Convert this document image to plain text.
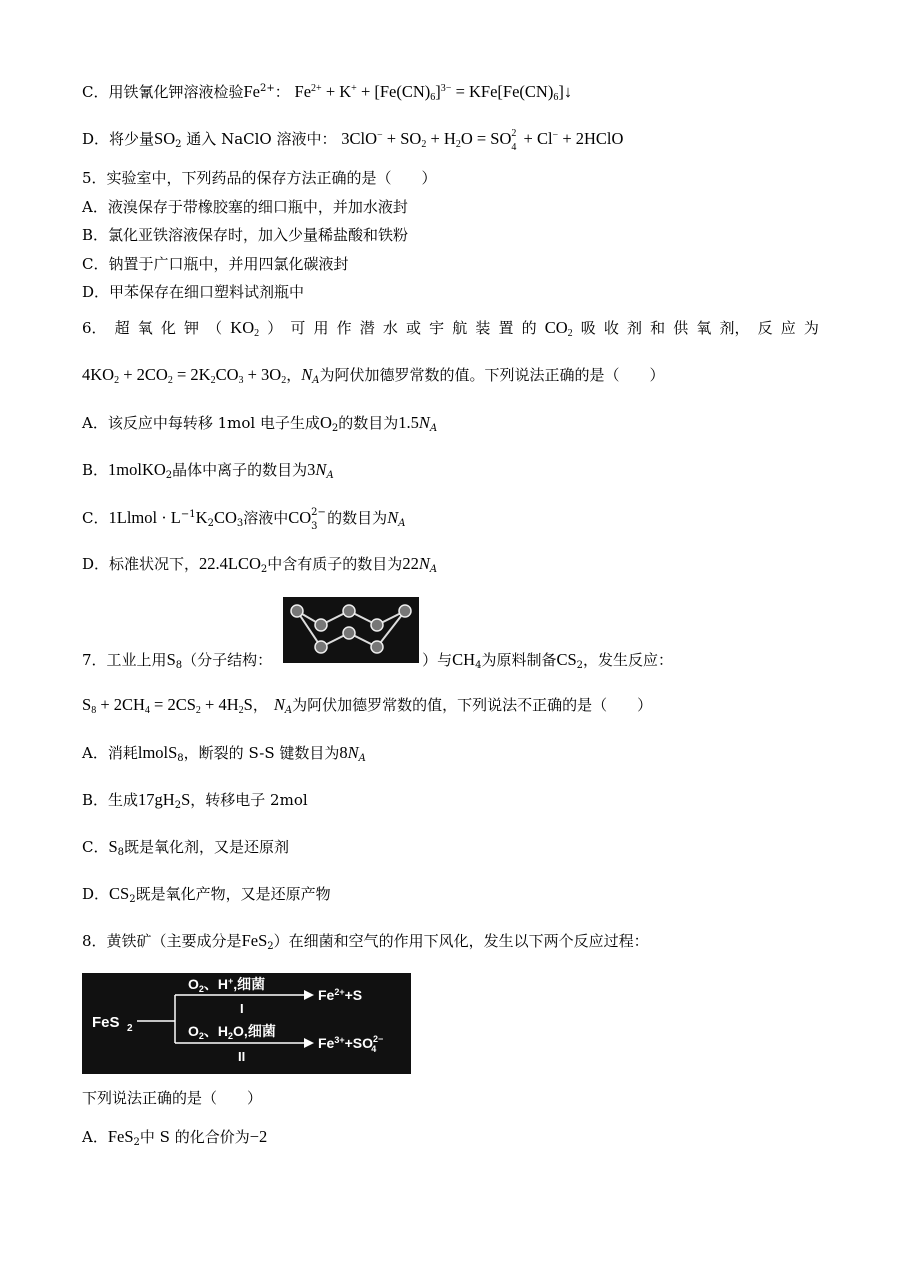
C．用铁氰化钾溶液检验$Fe^{2+}$： $Fe^{2+} + K^+ + [Fe(CN)_6]^{3-}$ = $KFe[Fe(CN)_6]↓$
D．将少量$SO_2$ 通入 NaClO 溶液中： $3ClO^- + SO_2 + H_2O$ = SO 2
4 + Cl− + 2HClO
5．实验室中，下列药品的保存方法正确的是（　　）
A．液溴保存于带橡胶塞的细口瓶中，并加水液封
B．氯化亚铁溶液保存时，加入少量稀盐酸和铁粉
C．钠置于广口瓶中，并用四氯化碳液封
D．甲苯保存在细口塑料试剂瓶中
6． 超 氧 化 钾 （ $KO_2$ ） 可 用 作 潜 水 或 宇 航 装 置 的 $CO_2$ 吸 收 剂 和 供 氧 剂， 反 应 为
$4KO_2 + 2CO_2 = 2K_2CO_3 + 3O_2$，$N_A$为阿伏加德罗常数的值。下列说法正确的是（　　）
A．该反应中每转移 1mol 电子生成$O_2$的数目为$1.5N_A$
B．1molKO$_2$晶体中离子的数目为$3N_A$
C．1Llmol · $L^{-1}K_2CO_3$溶液中CO 2−
3 的数目为$N_A$
D．标准状况下，$22.4LCO_2$中含有质子的数目为$22N_A$
7．工业上用$S_8$（分子结构：	）与$CH_4$为原料制备$CS_2$，发生反应：
$S_8 + 2CH_4 = 2CS_2 + 4H_2S$， $N_A$为阿伏加德罗常数的值，下列说法不正确的是（　　）
A．消耗lmolS$_8$，断裂的 S-S 键数目为$8N_A$
B．生成$17gH_2S$，转移电子 2mol
C．$S_8$既是氧化剂，又是还原剂
D．$CS_2$既是氧化产物，又是还原产物
8．黄铁矿（主要成分是FeS$_2$）在细菌和空气的作用下风化，发生以下两个反应过程：
FeS 2
$O_2$、H+,细菌
I
$Fe^{2+}+S$
$O_2$、$H_2O$,细菌
II
$Fe^{3+}+SO^{2-}$ 4
下列说法正确的是（　　）
A．FeS$_2$中 S 的化合价为−2
